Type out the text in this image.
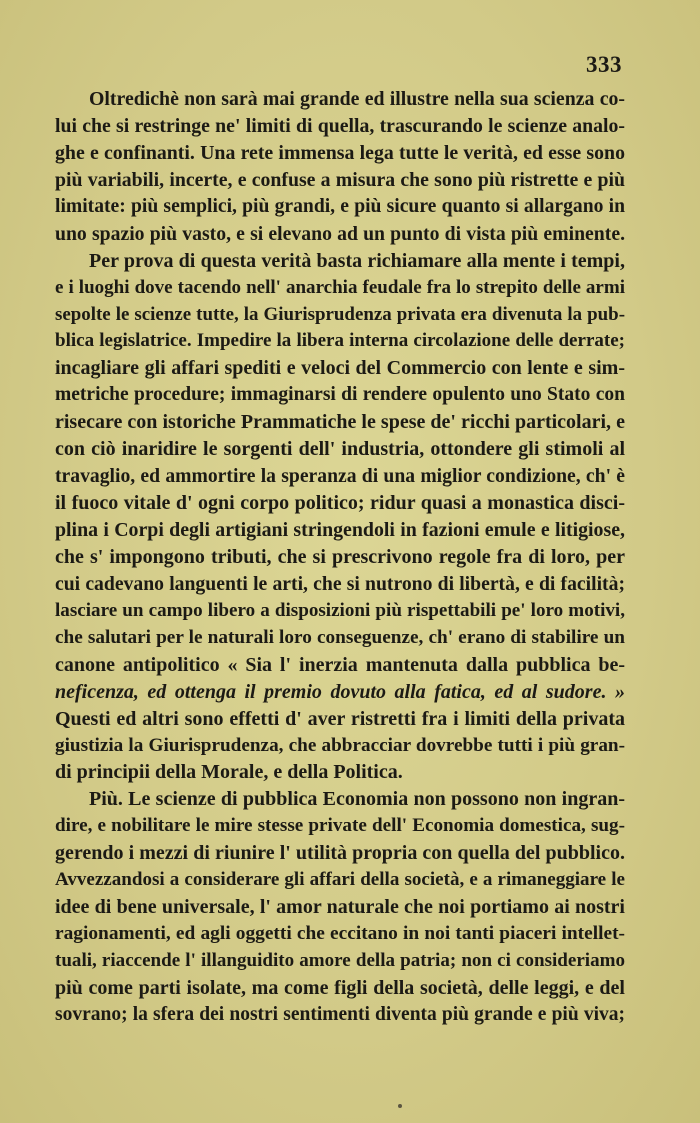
333
Oltredichè non sarà mai grande ed illustre nella sua scienza co-
lui che si restringe ne' limiti di quella, trascurando le scienze analo-
ghe e confinanti. Una rete immensa lega tutte le verità, ed esse sono
più variabili, incerte, e confuse a misura che sono più ristrette e più
limitate: più semplici, più grandi, e più sicure quanto si allargano in
uno spazio più vasto, e si elevano ad un punto di vista più eminente.
Per prova di questa verità basta richiamare alla mente i tempi,
e i luoghi dove tacendo nell' anarchia feudale fra lo strepito delle armi
sepolte le scienze tutte, la Giurisprudenza privata era divenuta la pub-
blica legislatrice. Impedire la libera interna circolazione delle derrate;
incagliare gli affari spediti e veloci del Commercio con lente e sim-
metriche procedure; immaginarsi di rendere opulento uno Stato con
risecare con istoriche Prammatiche le spese de' ricchi particolari, e
con ciò inaridire le sorgenti dell' industria, ottondere gli stimoli al
travaglio, ed ammortire la speranza di una miglior condizione, ch' è
il fuoco vitale d' ogni corpo politico; ridur quasi a monastica disci-
plina i Corpi degli artigiani stringendoli in fazioni emule e litigiose,
che s' impongono tributi, che si prescrivono regole fra di loro, per
cui cadevano languenti le arti, che si nutrono di libertà, e di facilità;
lasciare un campo libero a disposizioni più rispettabili pe' loro motivi,
che salutari per le naturali loro conseguenze, ch' erano di stabilire un
canone antipolitico « Sia l' inerzia mantenuta dalla pubblica be-
neficenza, ed ottenga il premio dovuto alla fatica, ed al sudore. »
Questi ed altri sono effetti d' aver ristretti fra i limiti della privata
giustizia la Giurisprudenza, che abbracciar dovrebbe tutti i più gran-
di principii della Morale, e della Politica.
Più. Le scienze di pubblica Economia non possono non ingran-
dire, e nobilitare le mire stesse private dell' Economia domestica, sug-
gerendo i mezzi di riunire l' utilità propria con quella del pubblico.
Avvezzandosi a considerare gli affari della società, e a rimaneggiare le
idee di bene universale, l' amor naturale che noi portiamo ai nostri
ragionamenti, ed agli oggetti che eccitano in noi tanti piaceri intellet-
tuali, riaccende l' illanguidito amore della patria; non ci consideriamo
più come parti isolate, ma come figli della società, delle leggi, e del
sovrano; la sfera dei nostri sentimenti diventa più grande e più viva;
